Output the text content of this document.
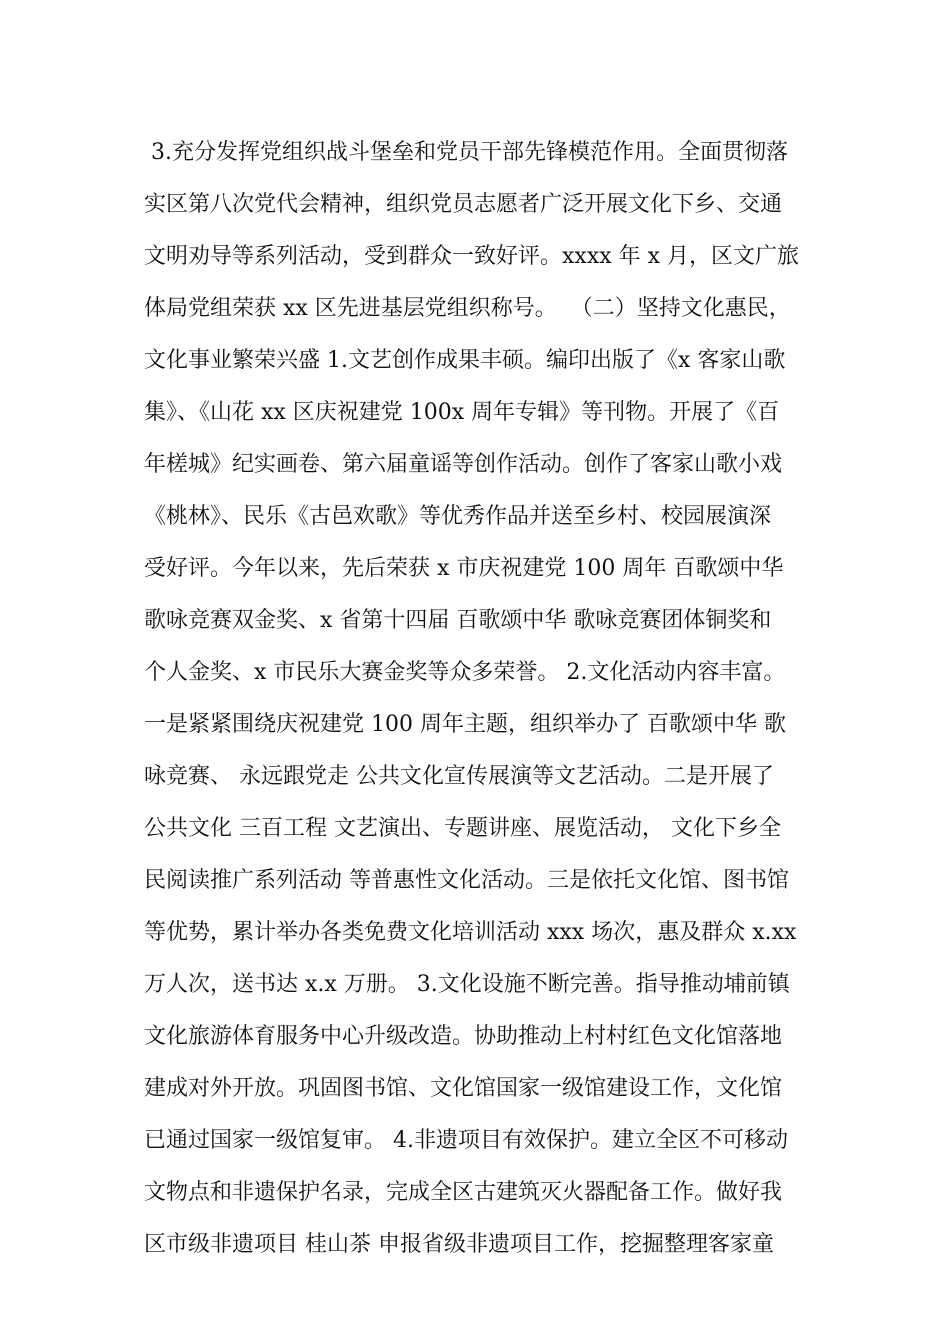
3.充分发挥党组织战斗堡垒和党员干部先锋模范作用。全面贯彻落
实区第八次党代会精神，组织党员志愿者广泛开展文化下乡、交通
文明劝导等系列活动，受到群众一致好评。xxxx 年 x 月，区文广旅
体局党组荣获 xx 区先进基层党组织称号。  （二）坚持文化惠民，
文化事业繁荣兴盛 1.文艺创作成果丰硕。编印出版了《x 客家山歌
集》、《山花 xx 区庆祝建党 100x 周年专辑》等刊物。开展了《百
年槎城》纪实画卷、第六届童谣等创作活动。创作了客家山歌小戏
《桃林》、民乐《古邑欢歌》等优秀作品并送至乡村、校园展演深
受好评。今年以来，先后荣获 x 市庆祝建党 100 周年 百歌颂中华
歌咏竞赛双金奖、x 省第十四届 百歌颂中华 歌咏竞赛团体铜奖和
个人金奖、x 市民乐大赛金奖等众多荣誉。 2.文化活动内容丰富。
一是紧紧围绕庆祝建党 100 周年主题，组织举办了 百歌颂中华 歌
咏竞赛、 永远跟党走 公共文化宣传展演等文艺活动。二是开展了
公共文化 三百工程 文艺演出、专题讲座、展览活动， 文化下乡全
民阅读推广系列活动 等普惠性文化活动。三是依托文化馆、图书馆
等优势，累计举办各类免费文化培训活动 xxx 场次，惠及群众 x.xx
万人次，送书达 x.x 万册。 3.文化设施不断完善。指导推动埔前镇
文化旅游体育服务中心升级改造。协助推动上村村红色文化馆落地
建成对外开放。巩固图书馆、文化馆国家一级馆建设工作，文化馆
已通过国家一级馆复审。 4.非遗项目有效保护。建立全区不可移动
文物点和非遗保护名录，完成全区古建筑灭火器配备工作。做好我
区市级非遗项目 桂山茶 申报省级非遗项目工作，挖掘整理客家童
